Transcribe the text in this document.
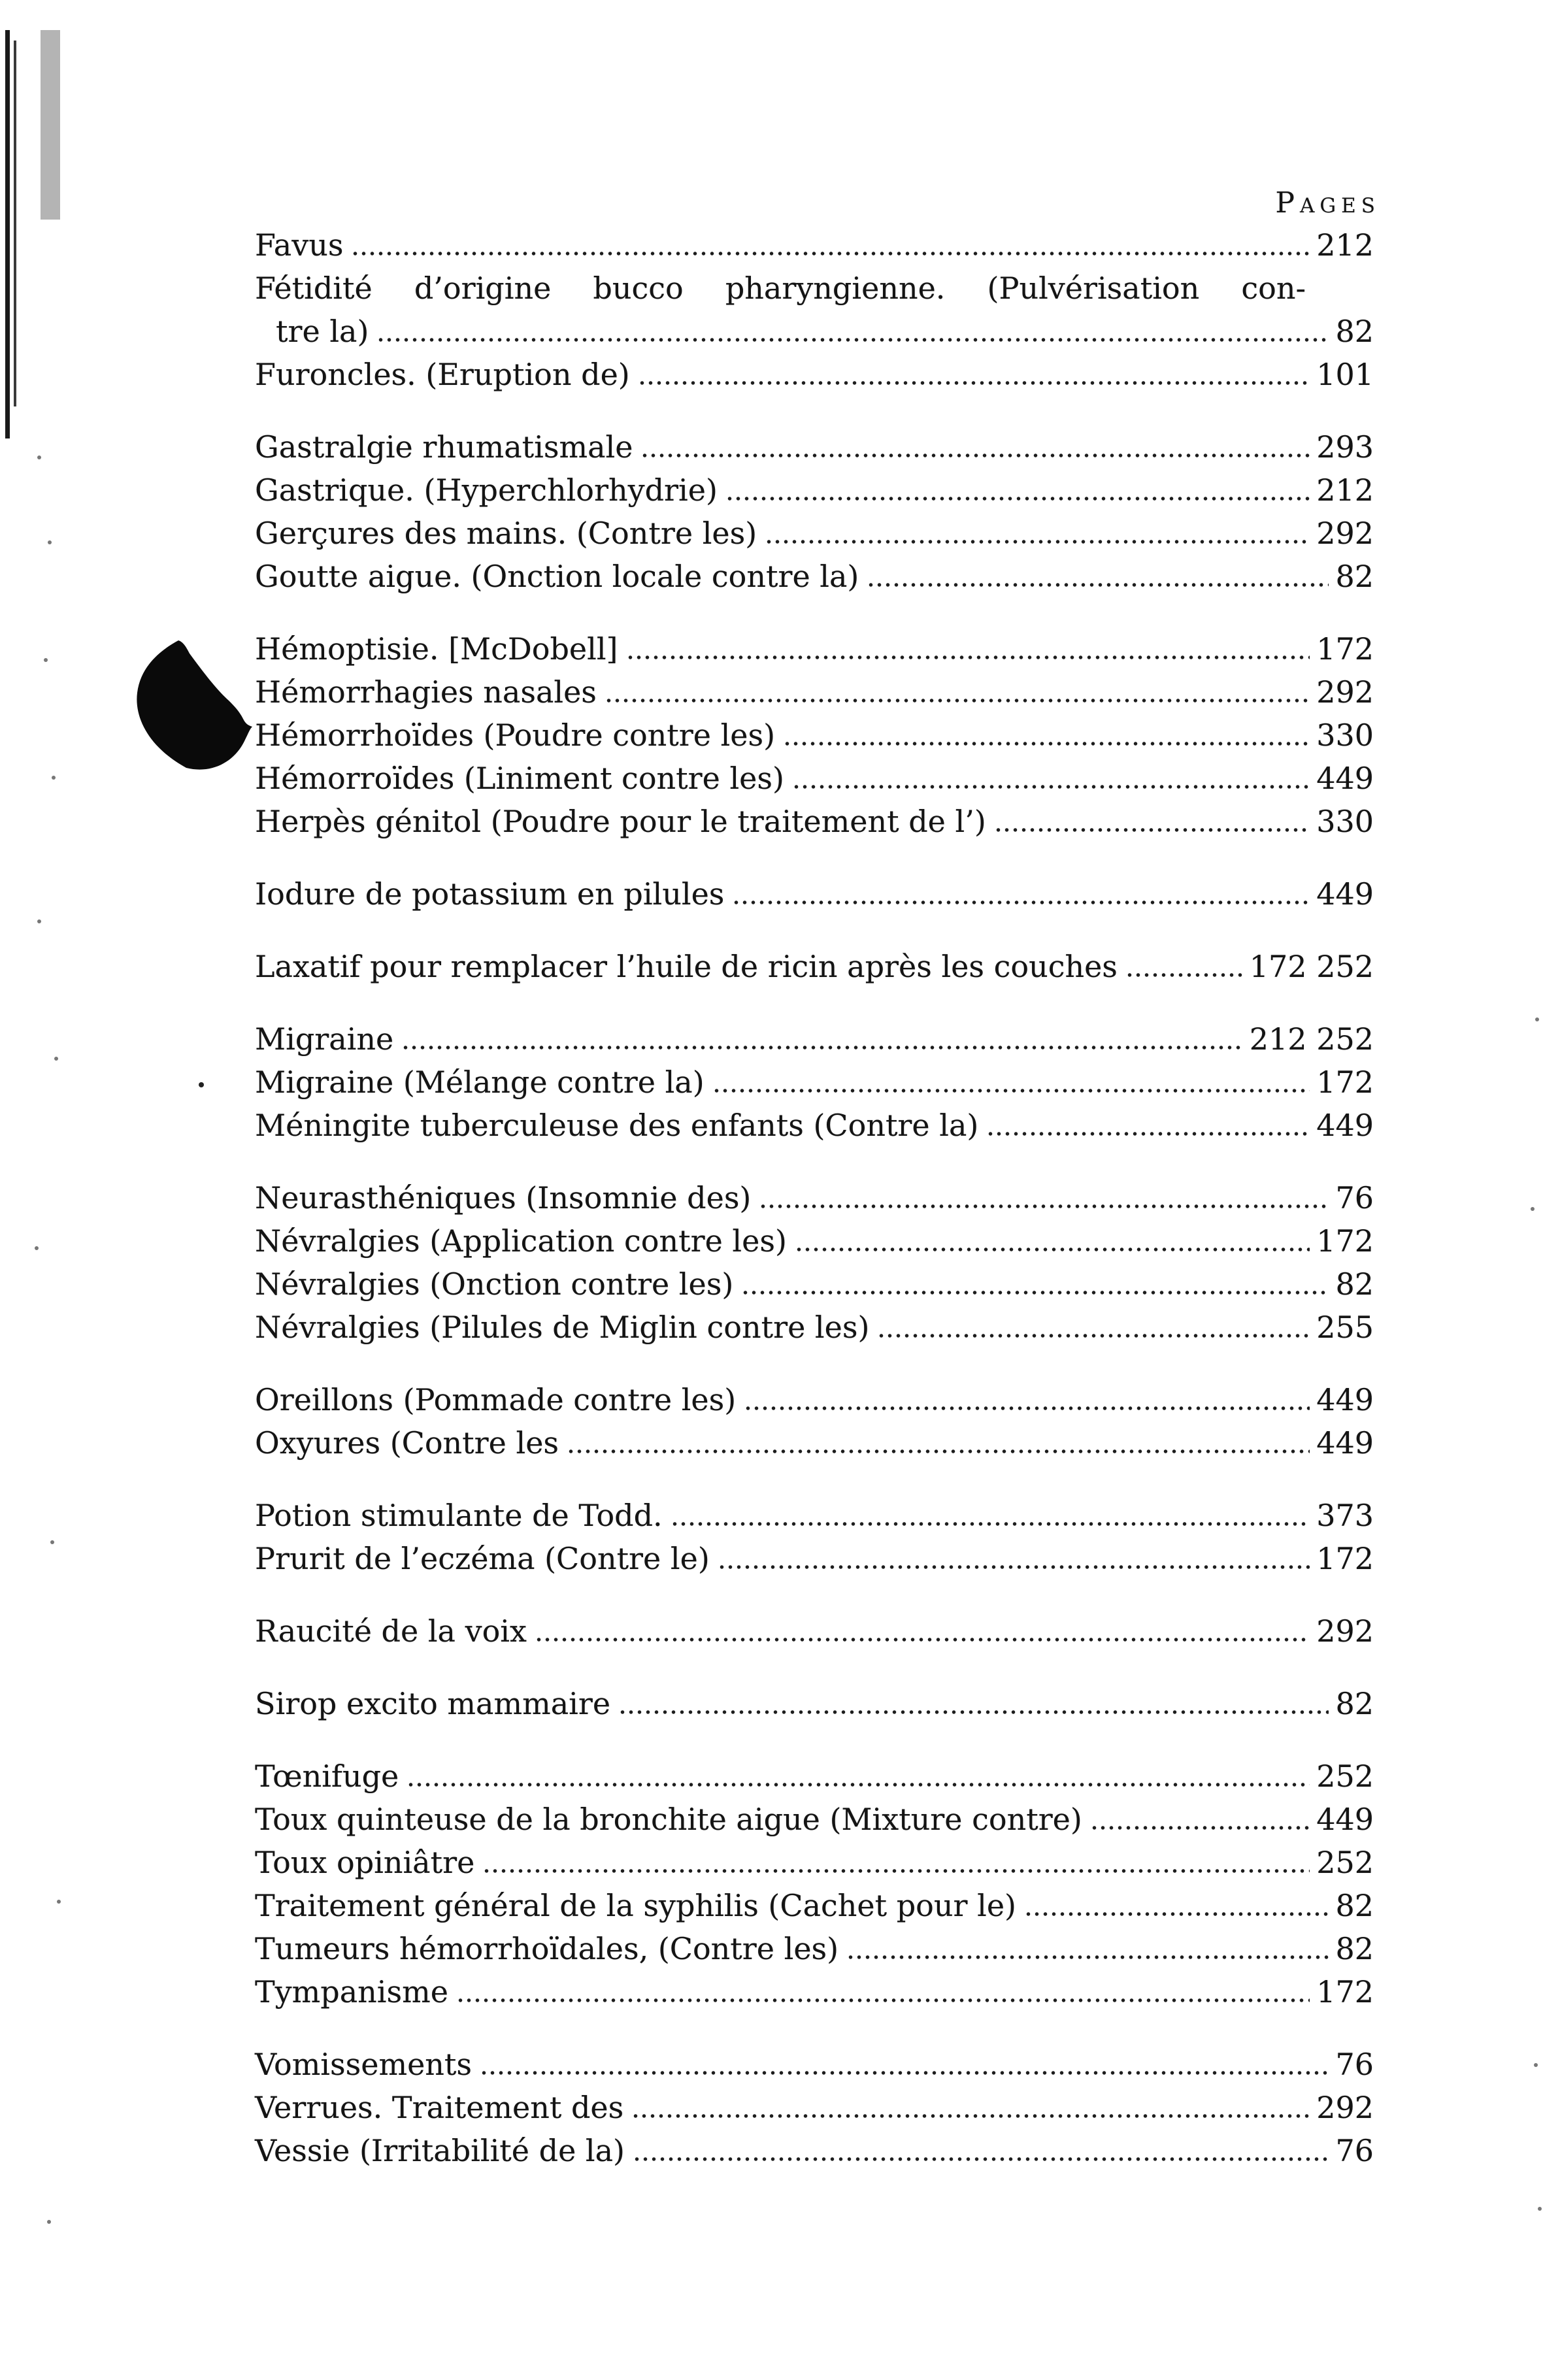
Pages
Favus	212
Fétidité d’origine bucco pharyngienne. (Pulvérisation con-
tre la)	82
Furoncles. (Eruption de)	101
Gastralgie rhumatismale	293
Gastrique. (Hyperchlorhydrie)	212
Gerçures des mains. (Contre les)	292
Goutte aigue. (Onction locale contre la)	82
Hémoptisie. [McDobell]	172
Hémorrhagies nasales	292
Hémorrhoïdes (Poudre contre les)	330
Hémorroïdes (Liniment contre les)	449
Herpès génitol (Poudre pour le traitement de l’)	330
Iodure de potassium en pilules	449
Laxatif pour remplacer l’huile de ricin après les couches	172 252
Migraine	212 252
Migraine (Mélange contre la)	172
Méningite tuberculeuse des enfants (Contre la)	449
Neurasthéniques (Insomnie des)	76
Névralgies (Application contre les)	172
Névralgies (Onction contre les)	82
Névralgies (Pilules de Miglin contre les)	255
Oreillons (Pommade contre les)	449
Oxyures (Contre les	449
Potion stimulante de Todd.	373
Prurit de l’eczéma (Contre le)	172
Raucité de la voix	292
Sirop excito mammaire	82
Tœnifuge	252
Toux quinteuse de la bronchite aigue (Mixture contre)	449
Toux opiniâtre	252
Traitement général de la syphilis (Cachet pour le)	82
Tumeurs hémorrhoïdales, (Contre les)	82
Tympanisme	172
Vomissements	76
Verrues. Traitement des	292
Vessie (Irritabilité de la)	76
